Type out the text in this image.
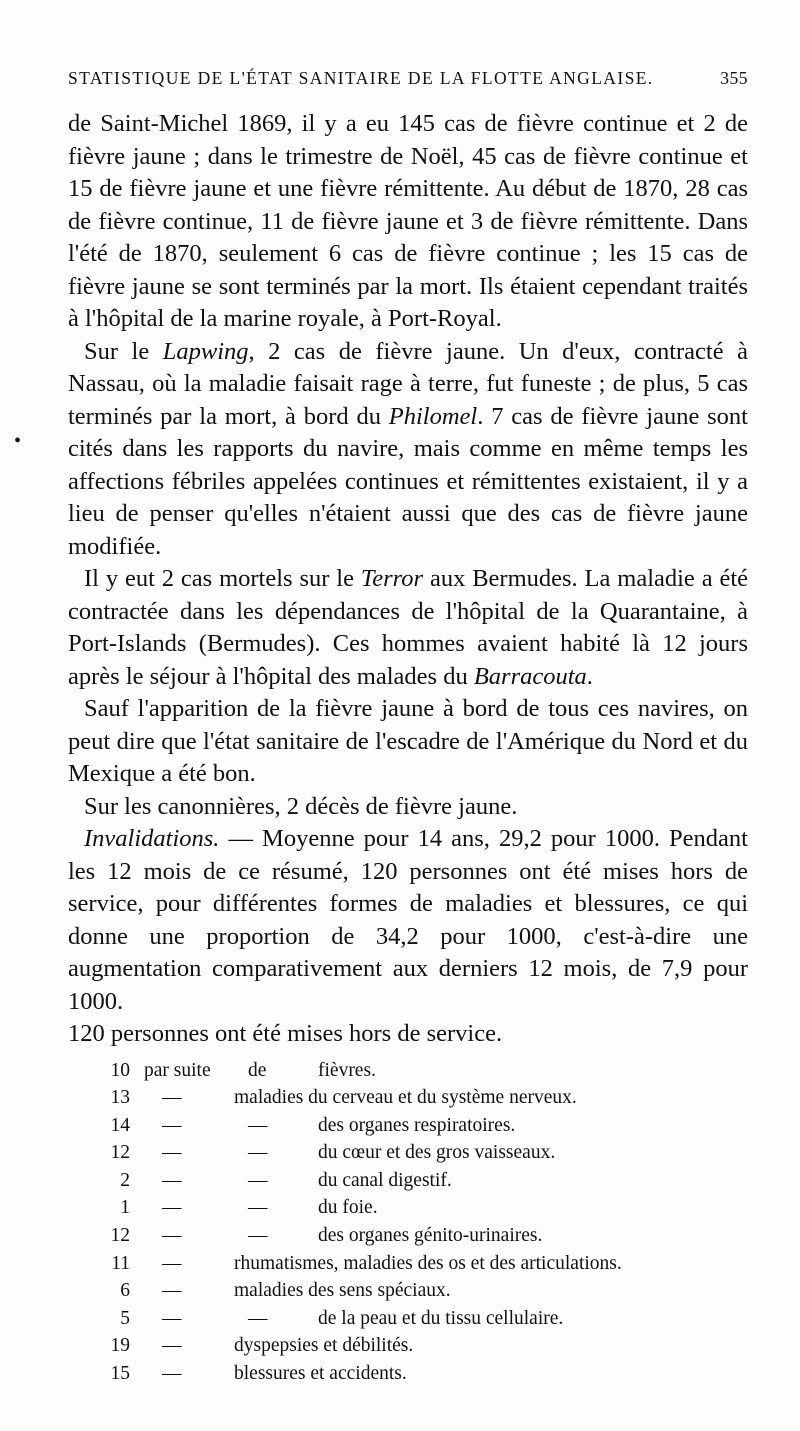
STATISTIQUE DE L'ÉTAT SANITAIRE DE LA FLOTTE ANGLAISE.	355
•

de Saint-Michel 1869, il y a eu 145 cas de fièvre continue et 2 de fièvre jaune ; dans le trimestre de Noël, 45 cas de fièvre continue et 15 de fièvre jaune et une fièvre rémittente. Au début de 1870, 28 cas de fièvre continue, 11 de fièvre jaune et 3 de fièvre rémittente. Dans l'été de 1870, seulement 6 cas de fièvre continue ; les 15 cas de fièvre jaune se sont terminés par la mort. Ils étaient cependant traités à l'hôpital de la marine royale, à Port-Royal.

Sur le Lapwing, 2 cas de fièvre jaune. Un d'eux, contracté à Nassau, où la maladie faisait rage à terre, fut funeste ; de plus, 5 cas terminés par la mort, à bord du Philomel. 7 cas de fièvre jaune sont cités dans les rapports du navire, mais comme en même temps les affections fébriles appelées continues et rémittentes existaient, il y a lieu de penser qu'elles n'étaient aussi que des cas de fièvre jaune modifiée.

Il y eut 2 cas mortels sur le Terror aux Bermudes. La maladie a été contractée dans les dépendances de l'hôpital de la Quarantaine, à Port-Islands (Bermudes). Ces hommes avaient habité là 12 jours après le séjour à l'hôpital des malades du Barracouta.

Sauf l'apparition de la fièvre jaune à bord de tous ces navires, on peut dire que l'état sanitaire de l'escadre de l'Amérique du Nord et du Mexique a été bon.

Sur les canonnières, 2 décès de fièvre jaune.

Invalidations. — Moyenne pour 14 ans, 29,2 pour 1000. Pendant les 12 mois de ce résumé, 120 personnes ont été mises hors de service, pour différentes formes de maladies et blessures, ce qui donne une proportion de 34,2 pour 1000, c'est-à-dire une augmentation comparativement aux derniers 12 mois, de 7,9 pour 1000.

120 personnes ont été mises hors de service.

10 par suite	de	fièvres.
13	—	maladies du cerveau et du système nerveux.
14	—	—	des organes respiratoires.
12	—	—	du cœur et des gros vaisseaux.
2	—	—	du canal digestif.
1	—	—	du foie.
12	—	—	des organes génito-urinaires.
11	—	rhumatismes, maladies des os et des articulations.
6	—	maladies des sens spéciaux.
5	—	—	de la peau et du tissu cellulaire.
19	—	dyspepsies et débilités.
15	—	blessures et accidents.
